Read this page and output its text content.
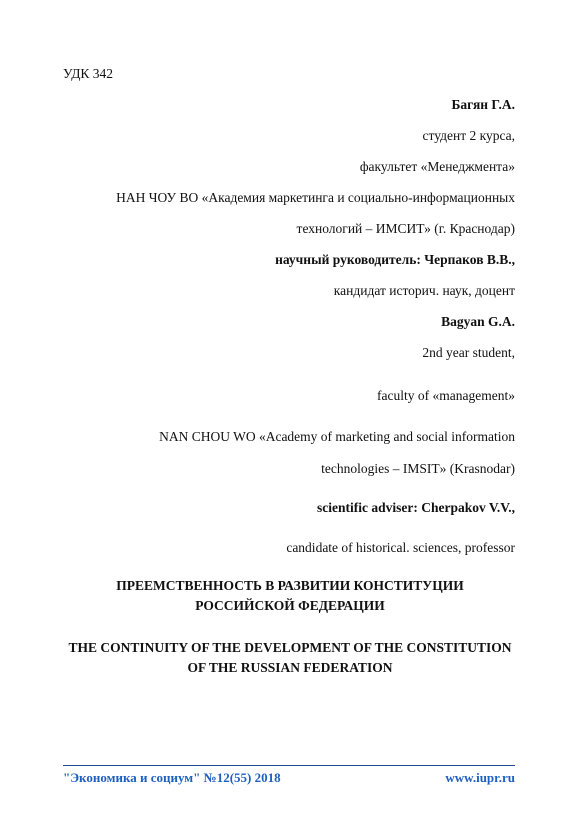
УДК 342
Багян Г.А.
студент 2 курса,
факультет «Менеджмента»
НАН ЧОУ ВО «Академия маркетинга и социально-информационных
технологий – ИМСИТ» (г. Краснодар)
научный руководитель: Черпаков В.В.,
кандидат историч. наук, доцент
Bagyan G.A.
2nd year student,
faculty of «management»
NAN CHOU WO «Academy of marketing and social information
technologies – IMSIT» (Krasnodar)
scientific adviser: Cherpakov V.V.,
candidate of historical. sciences, professor
ПРЕЕМСТВЕННОСТЬ В РАЗВИТИИ КОНСТИТУЦИИ
РОССИЙСКОЙ ФЕДЕРАЦИИ
THE CONTINUITY OF THE DEVELOPMENT OF THE CONSTITUTION
OF THE RUSSIAN FEDERATION
"Экономика и социум" №12(55) 2018	www.iupr.ru
